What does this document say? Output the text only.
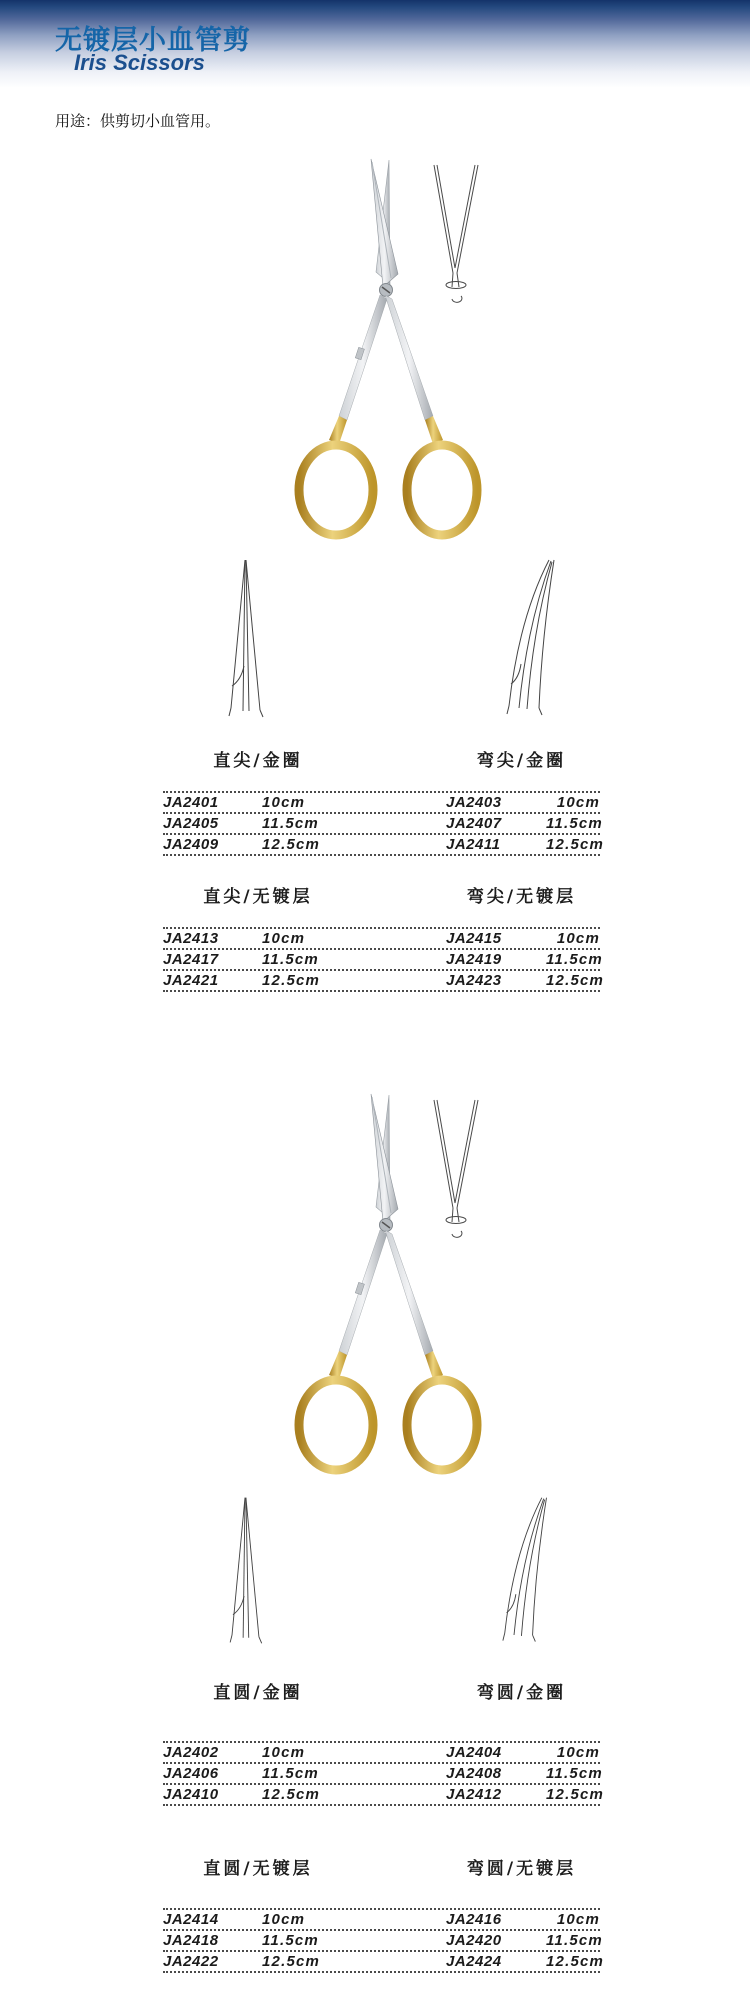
无镀层小血管剪
Iris Scissors

用途：供剪切小血管用。

直尖/金圈	弯尖/金圈

JA2401	10cm	JA2403	10cm
JA2405	11.5cm	JA2407	11.5cm
JA2409	12.5cm	JA2411	12.5cm

直尖/无镀层	弯尖/无镀层

JA2413	10cm	JA2415	10cm
JA2417	11.5cm	JA2419	11.5cm
JA2421	12.5cm	JA2423	12.5cm

直圆/金圈	弯圆/金圈

JA2402	10cm	JA2404	10cm
JA2406	11.5cm	JA2408	11.5cm
JA2410	12.5cm	JA2412	12.5cm

直圆/无镀层	弯圆/无镀层

JA2414	10cm	JA2416	10cm
JA2418	11.5cm	JA2420	11.5cm
JA2422	12.5cm	JA2424	12.5cm
